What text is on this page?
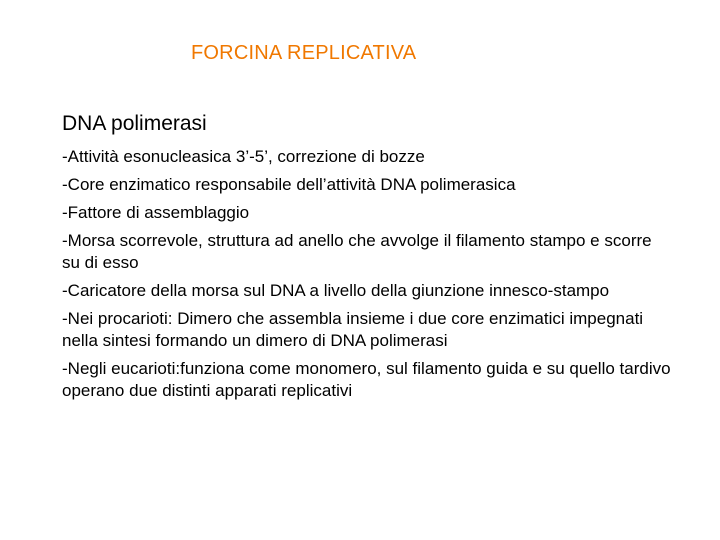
FORCINA REPLICATIVA
DNA polimerasi
-Attività esonucleasica 3’-5’, correzione di bozze
-Core enzimatico responsabile dell’attività DNA polimerasica
-Fattore di assemblaggio
-Morsa scorrevole, struttura ad anello che avvolge il filamento stampo e scorre su di esso
-Caricatore della morsa sul DNA a livello della giunzione innesco-stampo
-Nei procarioti: Dimero che assembla insieme i due core enzimatici impegnati nella sintesi formando un dimero di DNA polimerasi
-Negli eucarioti:funziona come monomero, sul filamento guida e su quello tardivo operano due distinti apparati replicativi
